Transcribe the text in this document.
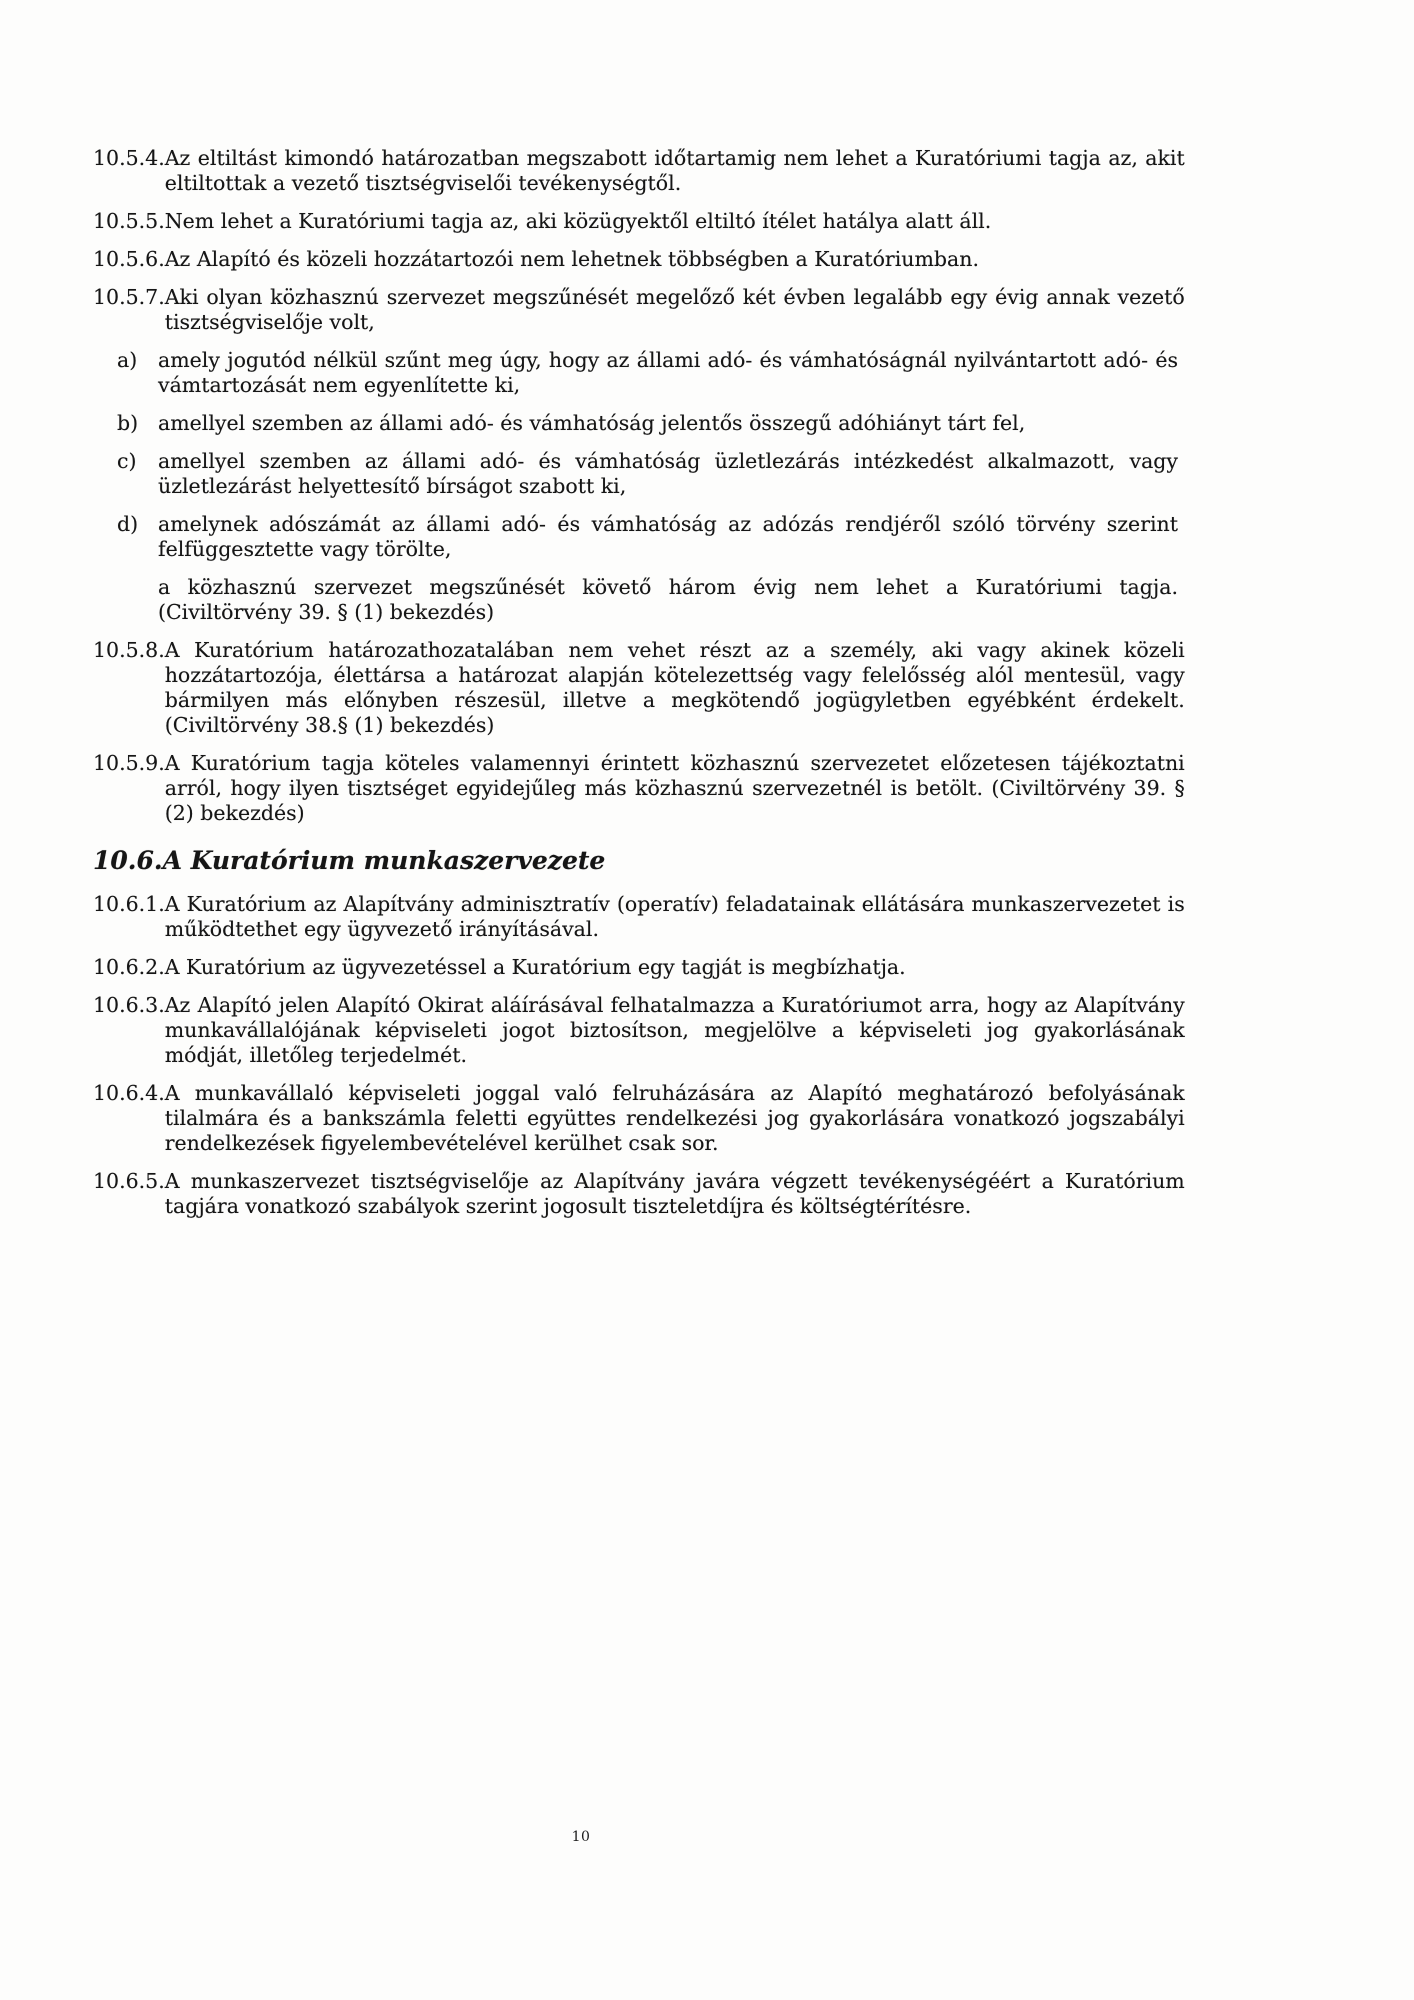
10.5.4. Az eltiltást kimondó határozatban megszabott időtartamig nem lehet a Kuratóriumi tagja az, akit eltiltottak a vezető tisztségviselői tevékenységtől.
10.5.5. Nem lehet a Kuratóriumi tagja az, aki közügyektől eltiltó ítélet hatálya alatt áll.
10.5.6. Az Alapító és közeli hozzátartozói nem lehetnek többségben a Kuratóriumban.
10.5.7. Aki olyan közhasznú szervezet megszűnését megelőző két évben legalább egy évig annak vezető tisztségviselője volt,
a)	amely jogutód nélkül szűnt meg úgy, hogy az állami adó- és vámhatóságnál nyilvántartott adó- és vámtartozását nem egyenlítette ki,
b) amellyel szemben az állami adó- és vámhatóság jelentős összegű adóhiányt tárt fel,
c)	amellyel szemben az állami adó- és vámhatóság üzletlezárás intézkedést alkalmazott, vagy üzletlezárást helyettesítő bírságot szabott ki,
d) amelynek adószámát az állami adó- és vámhatóság az adózás rendjéről szóló törvény szerint felfüggesztette vagy törölte,
a közhasznú szervezet megszűnését követő három évig nem lehet a Kuratóriumi tagja. (Civiltörvény 39. § (1) bekezdés)
10.5.8. A Kuratórium határozathozatalában nem vehet részt az a személy, aki vagy akinek közeli hozzátartozója, élettársa a határozat alapján kötelezettség vagy felelősség alól mentesül, vagy bármilyen más előnyben részesül, illetve a megkötendő jogügyletben egyébként érdekelt. (Civiltörvény 38.§ (1) bekezdés)
10.5.9. A Kuratórium tagja köteles valamennyi érintett közhasznú szervezetet előzetesen tájékoztatni arról, hogy ilyen tisztséget egyidejűleg más közhasznú szervezetnél is betölt. (Civiltörvény 39. § (2) bekezdés)
10.6. A Kuratórium munkaszervezete
10.6.1. A Kuratórium az Alapítvány adminisztratív (operatív) feladatainak ellátására munkaszervezetet is működtethet egy ügyvezető irányításával.
10.6.2. A Kuratórium az ügyvezetéssel a Kuratórium egy tagját is megbízhatja.
10.6.3. Az Alapító jelen Alapító Okirat aláírásával felhatalmazza a Kuratóriumot arra, hogy az Alapítvány munkavállalójának képviseleti jogot biztosítson, megjelölve a képviseleti jog gyakorlásának módját, illetőleg terjedelmét.
10.6.4. A munkavállaló képviseleti joggal való felruházására az Alapító meghatározó befolyásának tilalmára és a bankszámla feletti együttes rendelkezési jog gyakorlására vonatkozó jogszabályi rendelkezések figyelembevételével kerülhet csak sor.
10.6.5. A munkaszervezet tisztségviselője az Alapítvány javára végzett tevékenységéért a Kuratórium tagjára vonatkozó szabályok szerint jogosult tiszteletdíjra és költségtérítésre.
10
